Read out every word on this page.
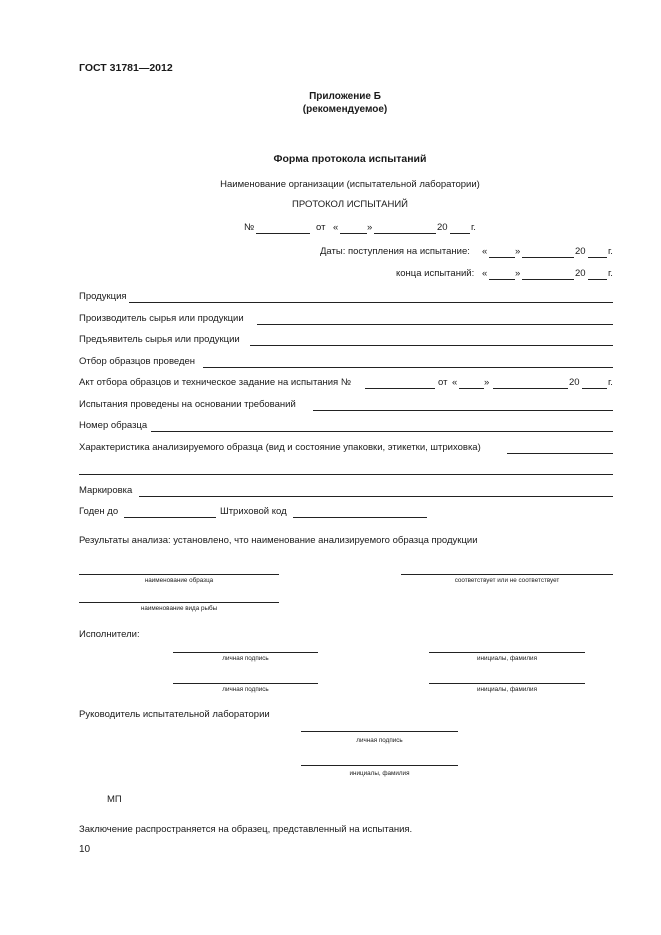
ГОСТ 31781—2012
Приложение Б
(рекомендуемое)
Форма протокола испытаний
Наименование организации (испытательной лаборатории)
ПРОТОКОЛ ИСПЫТАНИЙ
№	от «	»	20 г.
Даты: поступления на испытание: «	»	20 г.
конца испытаний: «	»	20 г.
Продукция
Производитель сырья или продукции
Предъявитель сырья или продукции
Отбор образцов проведен
Акт отбора образцов и техническое задание на испытания №	от «	»	20	г.
Испытания проведены на основании требований
Номер образца
Характеристика анализируемого образца (вид и состояние упаковки, этикетки, штриховка)
Маркировка
Годен до	Штриховой код
Результаты анализа: установлено, что наименование анализируемого образца продукции
наименование образца	соответствует или не соответствует
наименование вида рыбы
Исполнители:
личная подпись	инициалы, фамилия
личная подпись	инициалы, фамилия
Руководитель испытательной лаборатории
личная подпись
инициалы, фамилия
МП
Заключение распространяется на образец, представленный на испытания.
10
